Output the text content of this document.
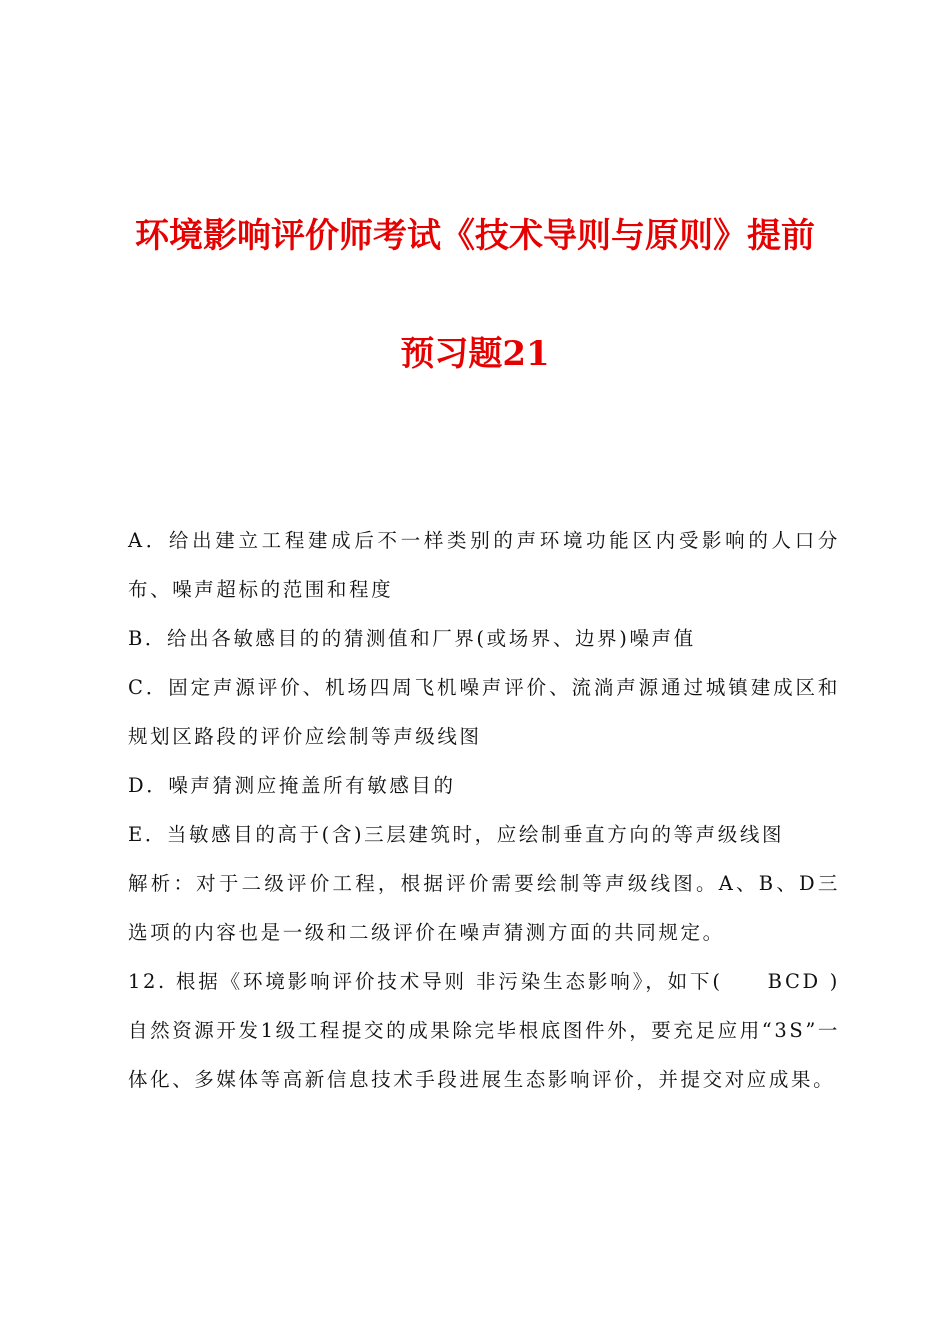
环境影响评价师考试《技术导则与原则》提前
预习题21

A．给出建立工程建成后不一样类别的声环境功能区内受影响的人口分布、噪声超标的范围和程度

B．给出各敏感目的的猜测值和厂界(或场界、边界)噪声值

C．固定声源评价、机场四周飞机噪声评价、流淌声源通过城镇建成区和规划区路段的评价应绘制等声级线图

D．噪声猜测应掩盖所有敏感目的

E．当敏感目的高于(含)三层建筑时，应绘制垂直方向的等声级线图

解析：对于二级评价工程，根据评价需要绘制等声级线图。A、B、D三选项的内容也是一级和二级评价在噪声猜测方面的共同规定。

12. 根据《环境影响评价技术导则 非污染生态影响》，如下(　　BCD )自然资源开发1级工程提交的成果除完毕根底图件外，要充足应用“3S”一体化、多媒体等高新信息技术手段进展生态影响评价，并提交对应成果。
